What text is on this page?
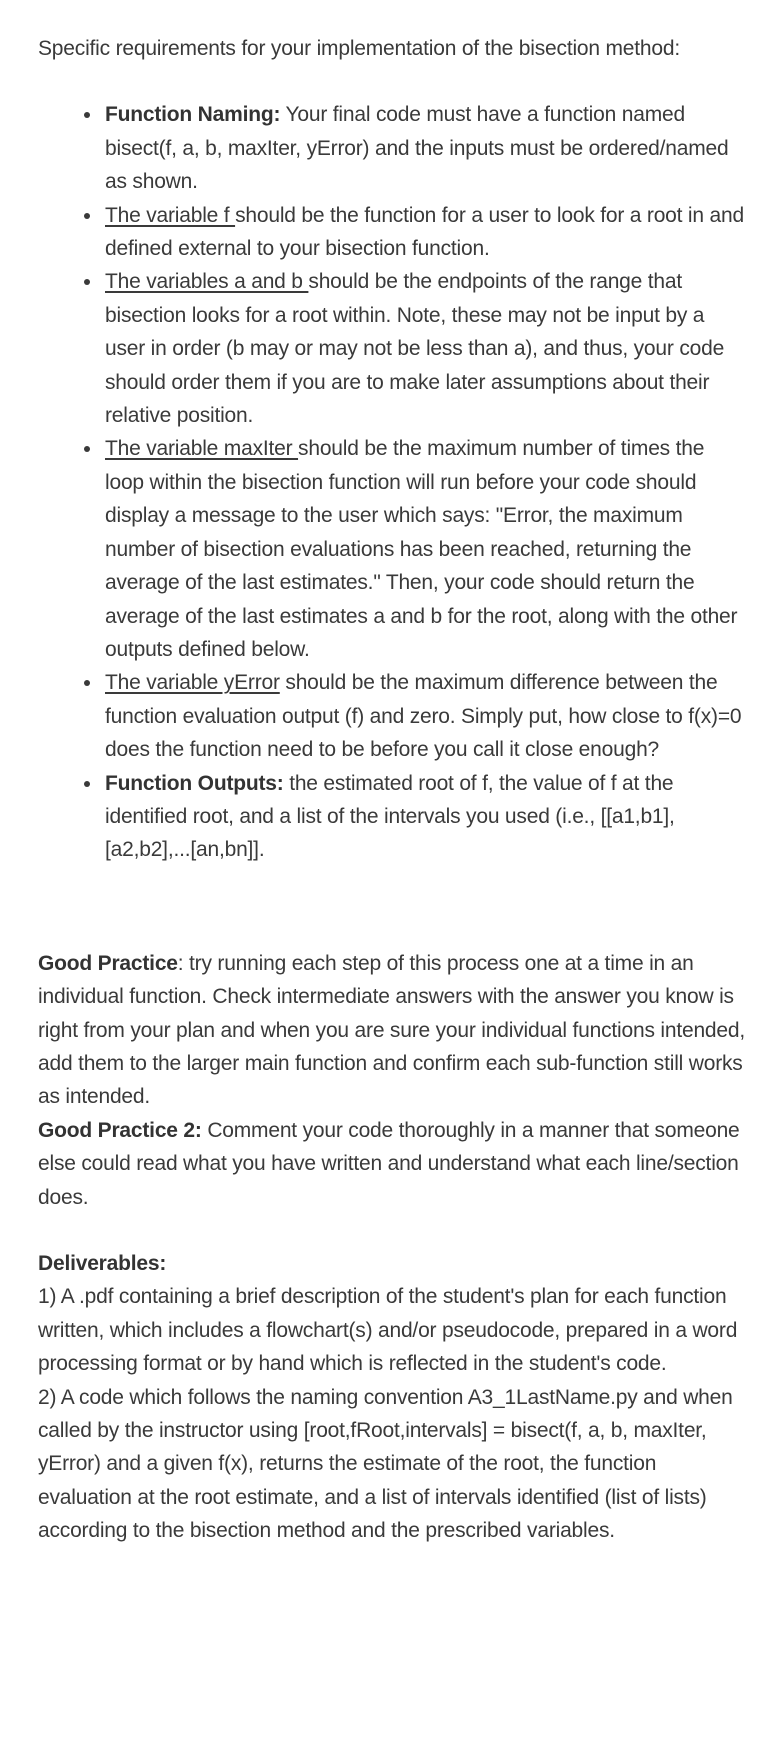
Specific requirements for your implementation of the bisection method:

Function Naming: Your final code must have a function named bisect(f, a, b, maxIter, yError) and the inputs must be ordered/named as shown.
The variable f should be the function for a user to look for a root in and defined external to your bisection function.
The variables a and b should be the endpoints of the range that bisection looks for a root within. Note, these may not be input by a user in order (b may or may not be less than a), and thus, your code should order them if you are to make later assumptions about their relative position.
The variable maxIter should be the maximum number of times the loop within the bisection function will run before your code should display a message to the user which says: "Error, the maximum number of bisection evaluations has been reached, returning the average of the last estimates." Then, your code should return the average of the last estimates a and b for the root, along with the other outputs defined below.
The variable yError should be the maximum difference between the function evaluation output (f) and zero. Simply put, how close to f(x)=0 does the function need to be before you call it close enough?
Function Outputs: the estimated root of f, the value of f at the identified root, and a list of the intervals you used (i.e., [[a1,b1],[a2,b2],...[an,bn]].

Good Practice: try running each step of this process one at a time in an individual function. Check intermediate answers with the answer you know is right from your plan and when you are sure your individual functions intended, add them to the larger main function and confirm each sub-function still works as intended.

Good Practice 2: Comment your code thoroughly in a manner that someone else could read what you have written and understand what each line/section does.

Deliverables:

1) A .pdf containing a brief description of the student's plan for each function written, which includes a flowchart(s) and/or pseudocode, prepared in a word processing format or by hand which is reflected in the student's code.

2) A code which follows the naming convention A3_1LastName.py and when called by the instructor using [root,fRoot,intervals] = bisect(f, a, b, maxIter, yError) and a given f(x), returns the estimate of the root, the function evaluation at the root estimate, and a list of intervals identified (list of lists) according to the bisection method and the prescribed variables.
